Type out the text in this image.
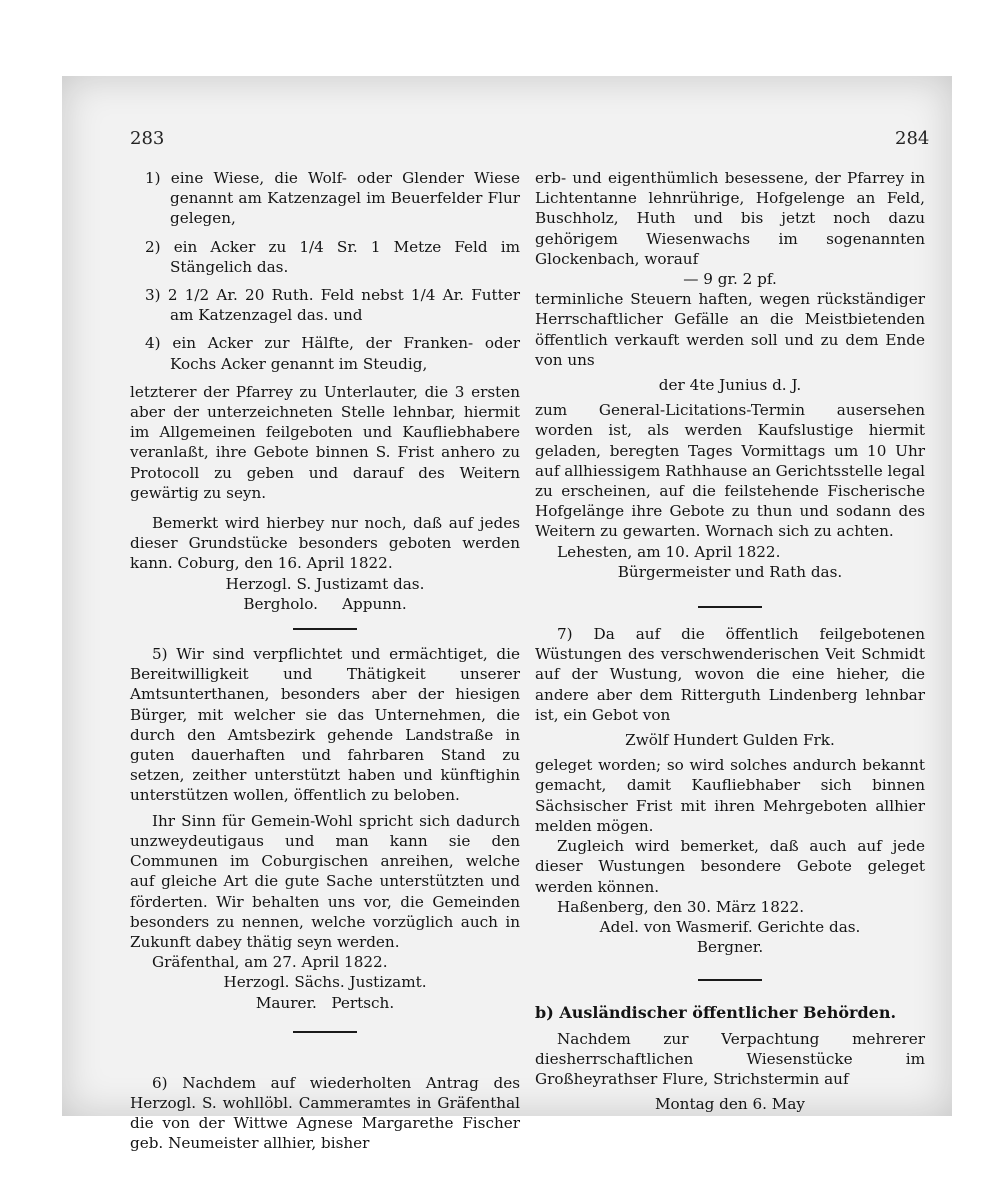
283	284

1) eine Wiese, die Wolf- oder Glender Wiese genannt am Katzenzagel im Beuerfelder Flur gelegen,

2) ein Acker zu 1/4 Sr. 1 Metze Feld im Stängelich das.

3) 2 1/2 Ar. 20 Ruth. Feld nebst 1/4 Ar. Futter am Katzenzagel das. und

4) ein Acker zur Hälfte, der Franken- oder Kochs Acker genannt im Steudig,

letzterer der Pfarrey zu Unterlauter, die 3 ersten aber der unterzeichneten Stelle lehnbar, hiermit im Allgemeinen feilgeboten und Kaufliebhabere veranlaßt, ihre Gebote binnen S. Frist anhero zu Protocoll zu geben und darauf des Weitern gewärtig zu seyn.

Bemerkt wird hierbey nur noch, daß auf jedes dieser Grundstücke besonders geboten werden kann. Coburg, den 16. April 1822.

Herzogl. S. Justizamt das.

Bergholo.     Appunn.

5) Wir sind verpflichtet und ermächtiget, die Bereitwilligkeit und Thätigkeit unserer Amtsunterthanen, besonders aber der hiesigen Bürger, mit welcher sie das Unternehmen, die durch den Amtsbezirk gehende Landstraße in guten dauerhaften und fahrbaren Stand zu setzen, zeither unterstützt haben und künftighin unterstützen wollen, öffentlich zu beloben.

Ihr Sinn für Gemein-Wohl spricht sich dadurch unzweydeutigaus und man kann sie den Communen im Coburgischen anreihen, welche auf gleiche Art die gute Sache unterstützten und förderten. Wir behalten uns vor, die Gemeinden besonders zu nennen, welche vorzüglich auch in Zukunft dabey thätig seyn werden.

Gräfenthal, am 27. April 1822.

Herzogl. Sächs. Justizamt.

Maurer.   Pertsch.

6) Nachdem auf wiederholten Antrag des Herzogl. S. wohllöbl. Cammeramtes in Gräfenthal die von der Wittwe Agnese Margarethe Fischer geb. Neumeister allhier, bisher

erb- und eigenthümlich besessene, der Pfarrey in Lichtentanne lehnrührige, Hofgelenge an Feld, Buschholz, Huth und bis jetzt noch dazu gehörigem Wiesenwachs im sogenannten Glockenbach, worauf

— 9 gr. 2 pf.

terminliche Steuern haften, wegen rückständiger Herrschaftlicher Gefälle an die Meistbietenden öffentlich verkauft werden soll und zu dem Ende von uns

der 4te Junius d. J.

zum General-Licitations-Termin ausersehen worden ist, als werden Kaufslustige hiermit geladen, beregten Tages Vormittags um 10 Uhr auf allhiessigem Rathhause an Gerichtsstelle legal zu erscheinen, auf die feilstehende Fischerische Hofgelänge ihre Gebote zu thun und sodann des Weitern zu gewarten. Wornach sich zu achten.

Lehesten, am 10. April 1822.

Bürgermeister und Rath das.

7) Da auf die öffentlich feilgebotenen Wüstungen des verschwenderischen Veit Schmidt auf der Wustung, wovon die eine hieher, die andere aber dem Ritterguth Lindenberg lehnbar ist, ein Gebot von

Zwölf Hundert Gulden Frk.

geleget worden; so wird solches andurch bekannt gemacht, damit Kaufliebhaber sich binnen Sächsischer Frist mit ihren Mehrgeboten allhier melden mögen.

Zugleich wird bemerket, daß auch auf jede dieser Wustungen besondere Gebote geleget werden können.

Haßenberg, den 30. März 1822.

Adel. von Wasmerif. Gerichte das.

Bergner.

b) Ausländischer öffentlicher Behörden.

Nachdem zur Verpachtung mehrerer diesherrschaftlichen Wiesenstücke im Großheyrathser Flure, Strichstermin auf

Montag den 6. May
